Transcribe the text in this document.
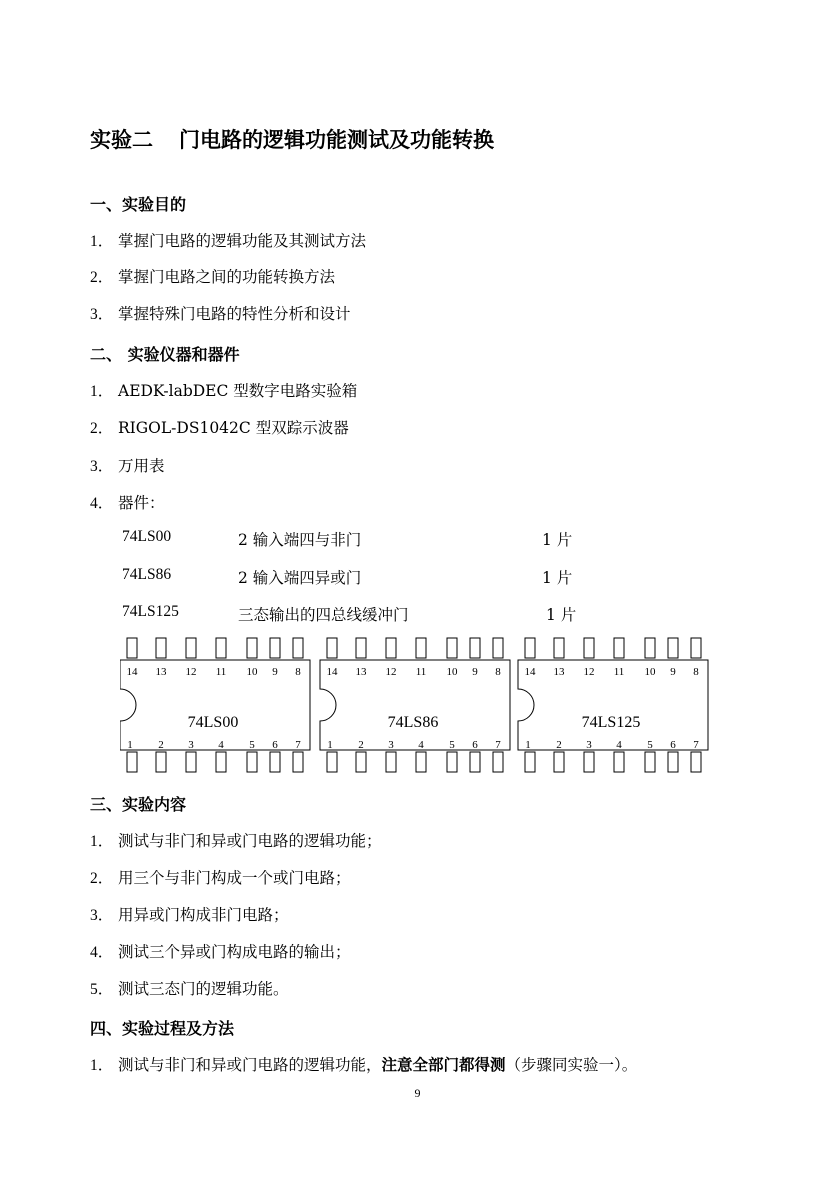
实验二 门电路的逻辑功能测试及功能转换
一、实验目的
1． 掌握门电路的逻辑功能及其测试方法
2． 掌握门电路之间的功能转换方法
3． 掌握特殊门电路的特性分析和设计
二、 实验仪器和器件
1． AEDK-labDEC 型数字电路实验箱
2． RIGOL-DS1042C 型双踪示波器
3． 万用表
4． 器件：
74LS00	2 输入端四与非门	1 片
74LS86	2 输入端四异或门	1 片
74LS125	三态输出的四总线缓冲门	1 片
14
1
13
2
12
3
11
4
10
5
9
6
8
7
74LS00
14
1
13
2
12
3
11
4
10
5
9
6
8
7
74LS86
14
1
13
2
12
3
11
4
10
5
9
6
8
7
74LS125
三、实验内容
1． 测试与非门和异或门电路的逻辑功能；
2． 用三个与非门构成一个或门电路；
3． 用异或门构成非门电路；
4． 测试三个异或门构成电路的输出；
5． 测试三态门的逻辑功能。
四、实验过程及方法
1． 测试与非门和异或门电路的逻辑功能，注意全部门都得测（步骤同实验一）。
9
